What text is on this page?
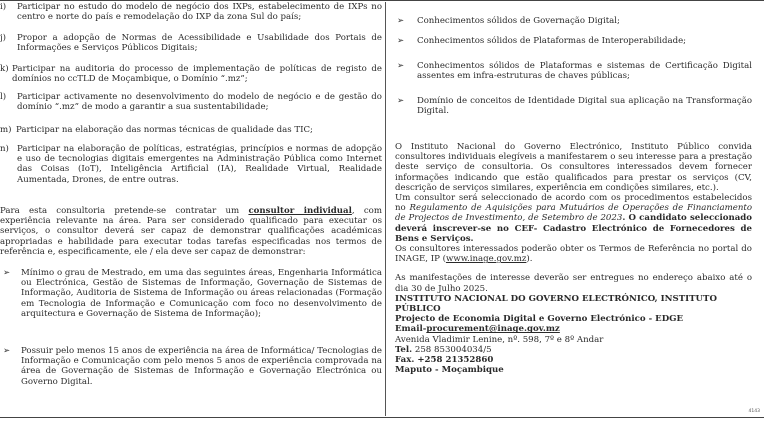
i)	Participar no estudo do modelo de negócio dos IXPs, estabelecimento de IXPs no centro e norte do país e remodelação do IXP da zona Sul do país;
j)	Propor a adopção de Normas de Acessibilidade e Usabilidade dos Portais de Informações e Serviços Públicos Digitais;
k) Participar na auditoria do processo de implementação de políticas de registo de domínios no ccTLD de Moçambique, o Domínio “.mz”;
l)	Participar activamente no desenvolvimento do modelo de negócio e de gestão do domínio “.mz” de modo a garantir a sua sustentabilidade;
m) Participar na elaboração das normas técnicas de qualidade das TIC;
n) Participar na elaboração de políticas, estratégias, princípios e normas de adopção e uso de tecnologias digitais emergentes na Administração Pública como Internet das Coisas (IoT), Inteligência Artificial (IA), Realidade Virtual, Realidade Aumentada, Drones, de entre outras.
Para esta consultoria pretende-se contratar um consultor individual, com experiência relevante na área. Para ser considerado qualificado para executar os serviços, o consultor deverá ser capaz de demonstrar qualificações académicas apropriadas e habilidade para executar todas tarefas especificadas nos termos de referência e, especificamente, ele / ela deve ser capaz de demonstrar:
➢	Mínimo o grau de Mestrado, em uma das seguintes áreas, Engenharia Informática ou Electrónica, Gestão de Sistemas de Informação, Governação de Sistemas de Informação, Auditoria de Sistema de Informação ou áreas relacionadas (Formação em Tecnologia de Informação e Comunicação com foco no desenvolvimento de arquitectura e Governação de Sistema de Informação);
➢	Possuir pelo menos 15 anos de experiência na área de Informática/ Tecnologias de Informação e Comunicação com pelo menos 5 anos de experiência comprovada na área de Governação de Sistemas de Informação e Governação Electrónica ou Governo Digital.
➢	Conhecimentos sólidos de Governação Digital;
➢	Conhecimentos sólidos de Plataformas de Interoperabilidade;
➢	Conhecimentos sólidos de Plataformas e sistemas de Certificação Digital assentes em infra-estruturas de chaves públicas;
➢	Domínio de conceitos de Identidade Digital sua aplicação na Transformação Digital.
O Instituto Nacional do Governo Electrónico, Instituto Público convida consultores individuais elegíveis a manifestarem o seu interesse para a prestação deste serviço de consultoria. Os consultores interessados devem fornecer informações indicando que estão qualificados para prestar os serviços (CV, descrição de serviços similares, experiência em condições similares, etc.).
Um consultor será seleccionado de acordo com os procedimentos estabelecidos no Regulamento de Aquisições para Mutuários de Operações de Financiamento de Projectos de Investimento, de Setembro de 2023. O candidato seleccionado deverá inscrever-se no CEF- Cadastro Electrónico de Fornecedores de Bens e Serviços.
Os consultores interessados poderão obter os Termos de Referência no portal do INAGE, IP (www.inage.gov.mz).
As manifestações de interesse deverão ser entregues no endereço abaixo até o dia 30 de Julho 2025.
INSTITUTO NACIONAL DO GOVERNO ELECTRÓNICO, INSTITUTO PÚBLICO
Projecto de Economia Digital e Governo Electrónico - EDGE
Email-procurement@inage.gov.mz
Avenida Vladimir Lenine, nº. 598, 7º e 8º Andar
Tel. 258 853004034/5
Fax. +258 21352860
Maputo - Moçambique
4143
